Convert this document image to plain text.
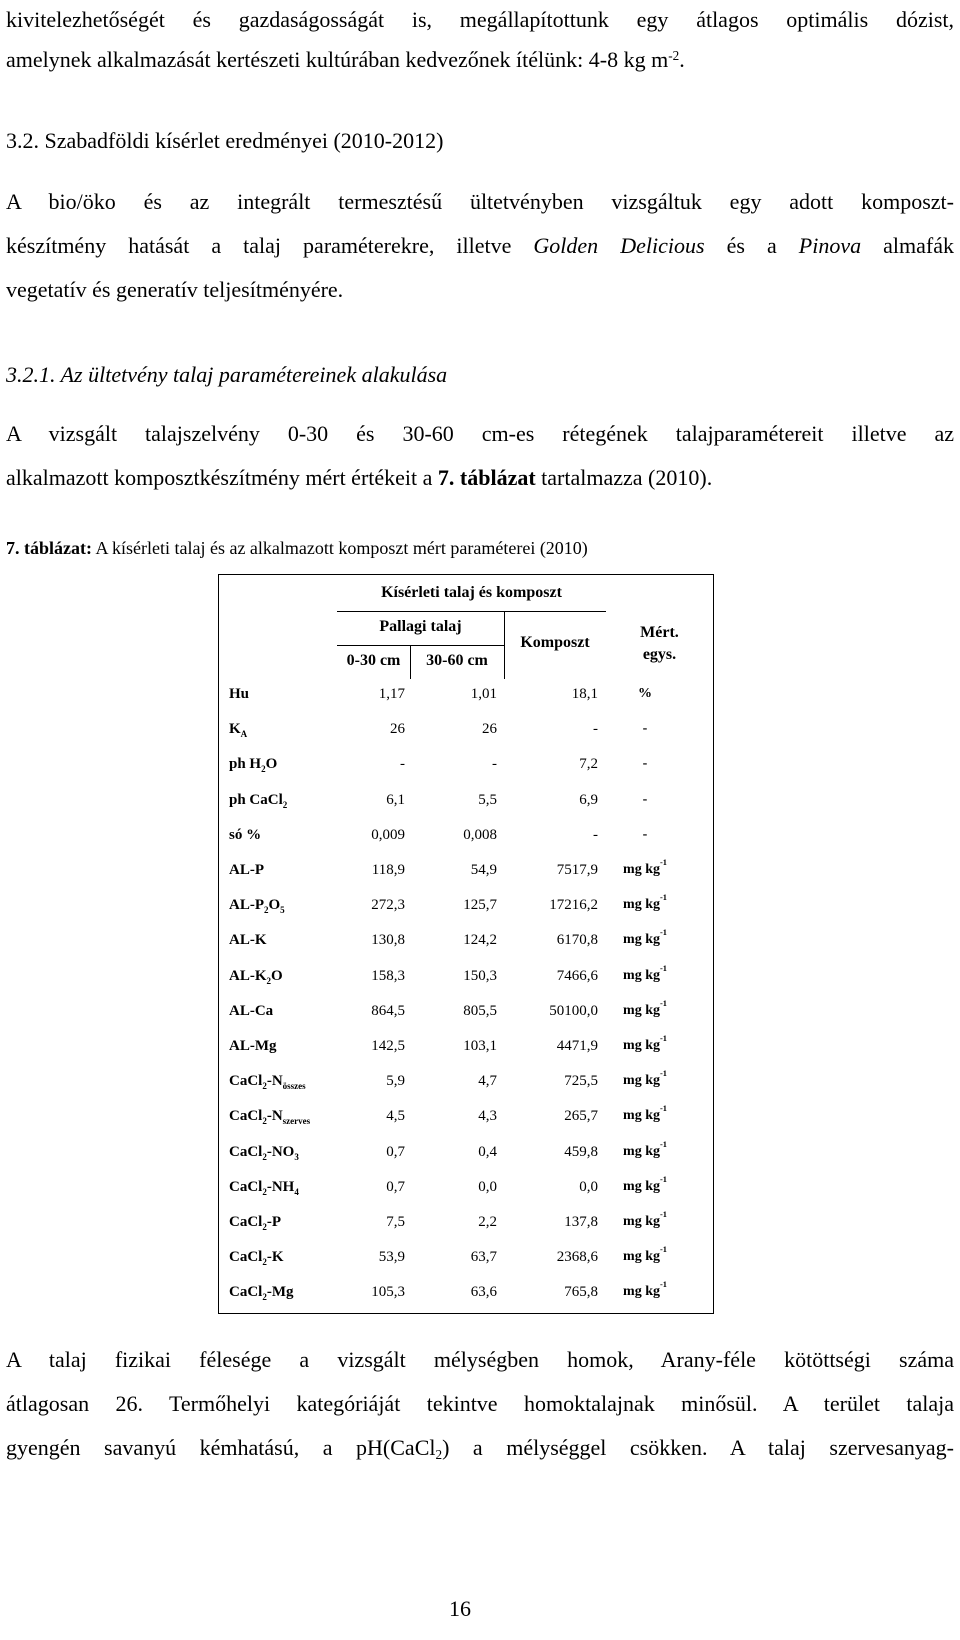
kivitelezhetőségét és gazdaságosságát is, megállapítottunk egy átlagos optimális dózist,

amelynek alkalmazását kertészeti kultúrában kedvezőnek ítélünk: 4-8 kg $m^{-2}$.

3.2. Szabadföldi kísérlet eredményei (2010-2012)

A bio/öko és az integrált termesztésű ültetvényben vizsgáltuk egy adott komposzt-

készítmény hatását a talaj paraméterekre, illetve Golden Delicious és a Pinova almafák

vegetatív és generatív teljesítményére.

3.2.1. Az ültetvény talaj paramétereinek alakulása

A vizsgált talajszelvény 0-30 és 30-60 cm-es rétegének talajparamétereit illetve az

alkalmazott komposztkészítmény mért értékeit a 7. táblázat tartalmazza (2010).

7. táblázat: A kísérleti talaj és az alkalmazott komposzt mért paraméterei (2010)

Kísérleti talaj és komposzt
Pallagi talaj
0-30 cm	30-60 cm
Komposzt
Mért.
egys.
Hu	1,17	1,01	18,1	%
$K_A$	26	26	-	-
ph $H_2O$	-	-	7,2	-
ph CaCl$_2$	6,1	5,5	6,9	-
só %	0,009	0,008	-	-
AL-P	118,9	54,9	7517,9	mg $kg^{-1}$
$AL-P_2O_5$	272,3	125,7	17216,2	mg $kg^{-1}$
AL-K	130,8	124,2	6170,8	mg $kg^{-1}$
$AL-K_2O$	158,3	150,3	7466,6	mg $kg^{-1}$
AL-Ca	864,5	805,5	50100,0	mg $kg^{-1}$
AL-Mg	142,5	103,1	4471,9	mg $kg^{-1}$
$CaCl_2-N_{összes}$	5,9	4,7	725,5	mg $kg^{-1}$
$CaCl_2-N_{szerves}$	4,5	4,3	265,7	mg $kg^{-1}$
$CaCl_2-NO_3$	0,7	0,4	459,8	mg $kg^{-1}$
$CaCl_2-NH_4$	0,7	0,0	0,0	mg $kg^{-1}$
CaCl$_2$-P	7,5	2,2	137,8	mg $kg^{-1}$
CaCl$_2$-K	53,9	63,7	2368,6	mg $kg^{-1}$
CaCl$_2$-Mg	105,3	63,6	765,8	mg $kg^{-1}$
16

A talaj fizikai félesége a vizsgált mélységben homok, Arany-féle kötöttségi száma

átlagosan 26. Termőhelyi kategóriáját tekintve homoktalajnak minősül. A terület talaja

gyengén savanyú kémhatású, a pH(CaCl$_2$) a mélységgel csökken. A talaj szervesanyag-
